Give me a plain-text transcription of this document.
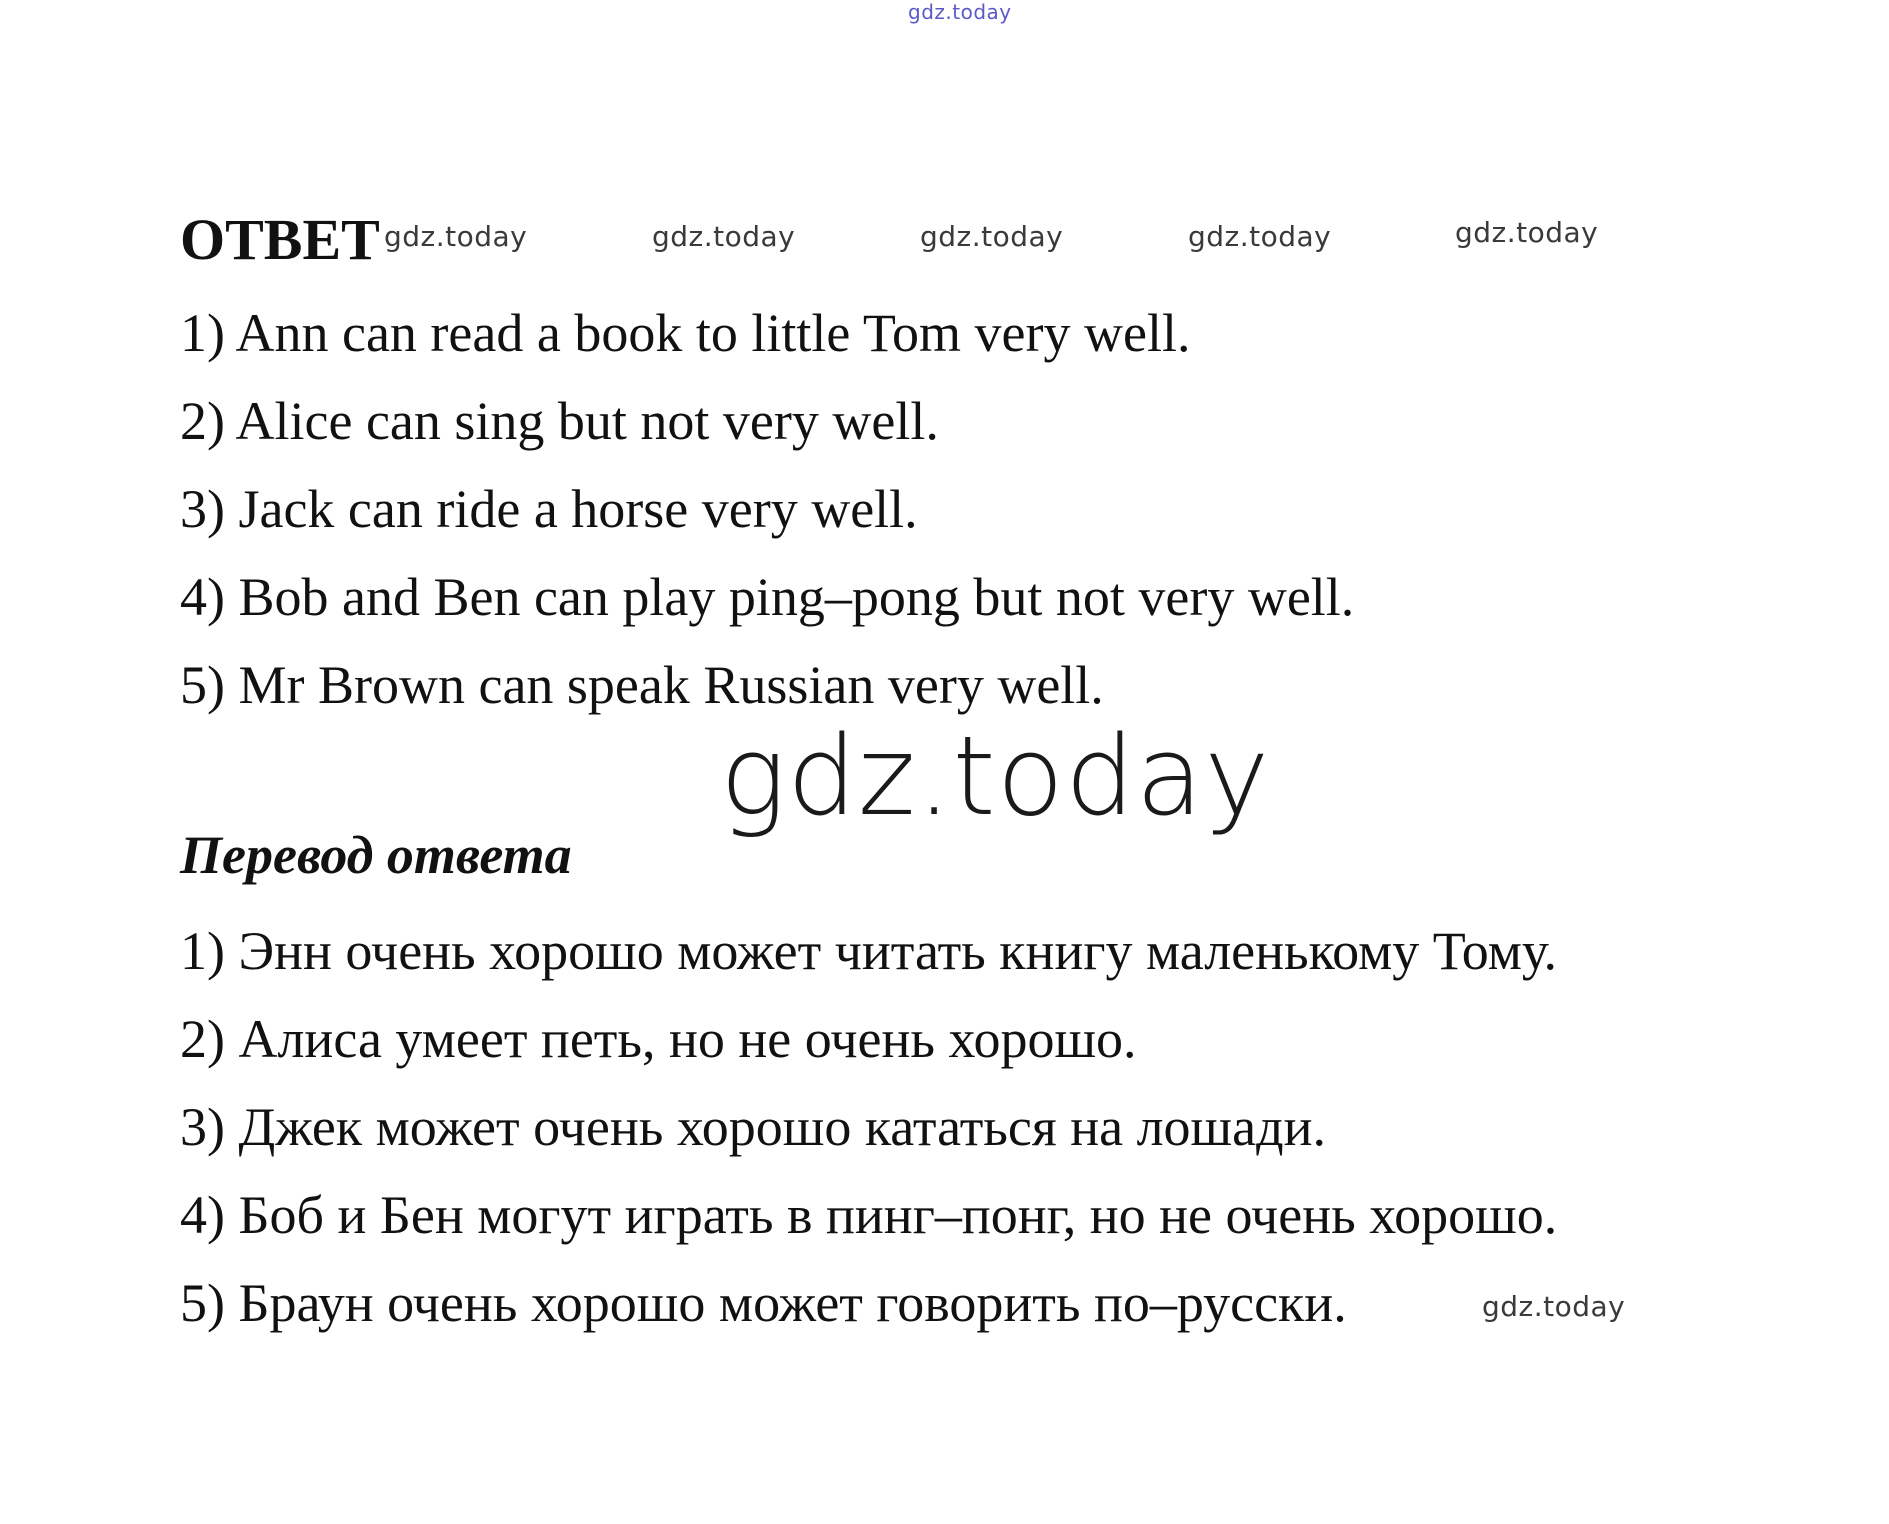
gdz.today
ОТВЕТ gdz.today	gdz.today	gdz.today	gdz.today	gdz.today
1) Ann can read a book to little Tom very well.
2) Alice can sing but not very well.
3) Jack can ride a horse very well.
4) Bob and Ben can play ping–pong but not very well.
5) Mr Brown can speak Russian very well.
gdz.today
Перевод ответа
1) Энн очень хорошо может читать книгу маленькому Тому.
2) Алиса умеет петь, но не очень хорошо.
3) Джек может очень хорошо кататься на лошади.
4) Боб и Бен могут играть в пинг–понг, но не очень хорошо.
5) Браун очень хорошо может говорить по–русски.	gdz.today
